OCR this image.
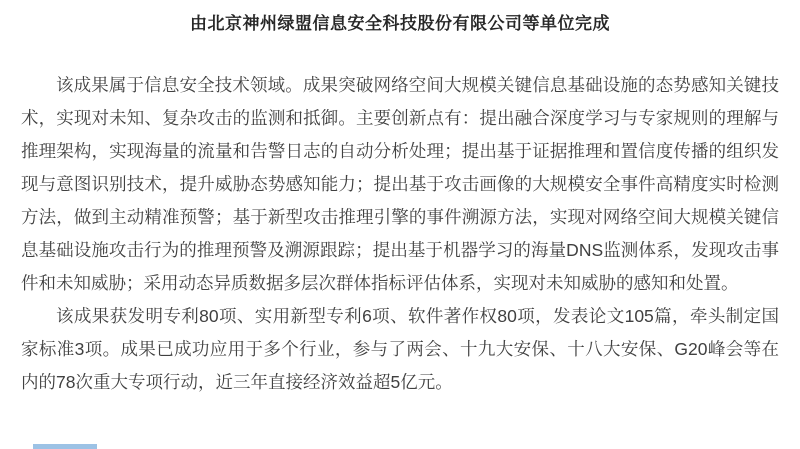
由北京神州绿盟信息安全科技股份有限公司等单位完成

该成果属于信息安全技术领域。成果突破网络空间大规模关键信息基础设施的态势感知关键技术，实现对未知、复杂攻击的监测和抵御。主要创新点有：提出融合深度学习与专家规则的理解与推理架构，实现海量的流量和告警日志的自动分析处理；提出基于证据推理和置信度传播的组织发现与意图识别技术，提升威胁态势感知能力；提出基于攻击画像的大规模安全事件高精度实时检测方法，做到主动精准预警；基于新型攻击推理引擎的事件溯源方法，实现对网络空间大规模关键信息基础设施攻击行为的推理预警及溯源跟踪；提出基于机器学习的海量DNS监测体系，发现攻击事件和未知威胁；采用动态异质数据多层次群体指标评估体系，实现对未知威胁的感知和处置。

该成果获发明专利80项、实用新型专利6项、软件著作权80项，发表论文105篇，牵头制定国家标准3项。成果已成功应用于多个行业，参与了两会、十九大安保、十八大安保、G20峰会等在内的78次重大专项行动，近三年直接经济效益超5亿元。
